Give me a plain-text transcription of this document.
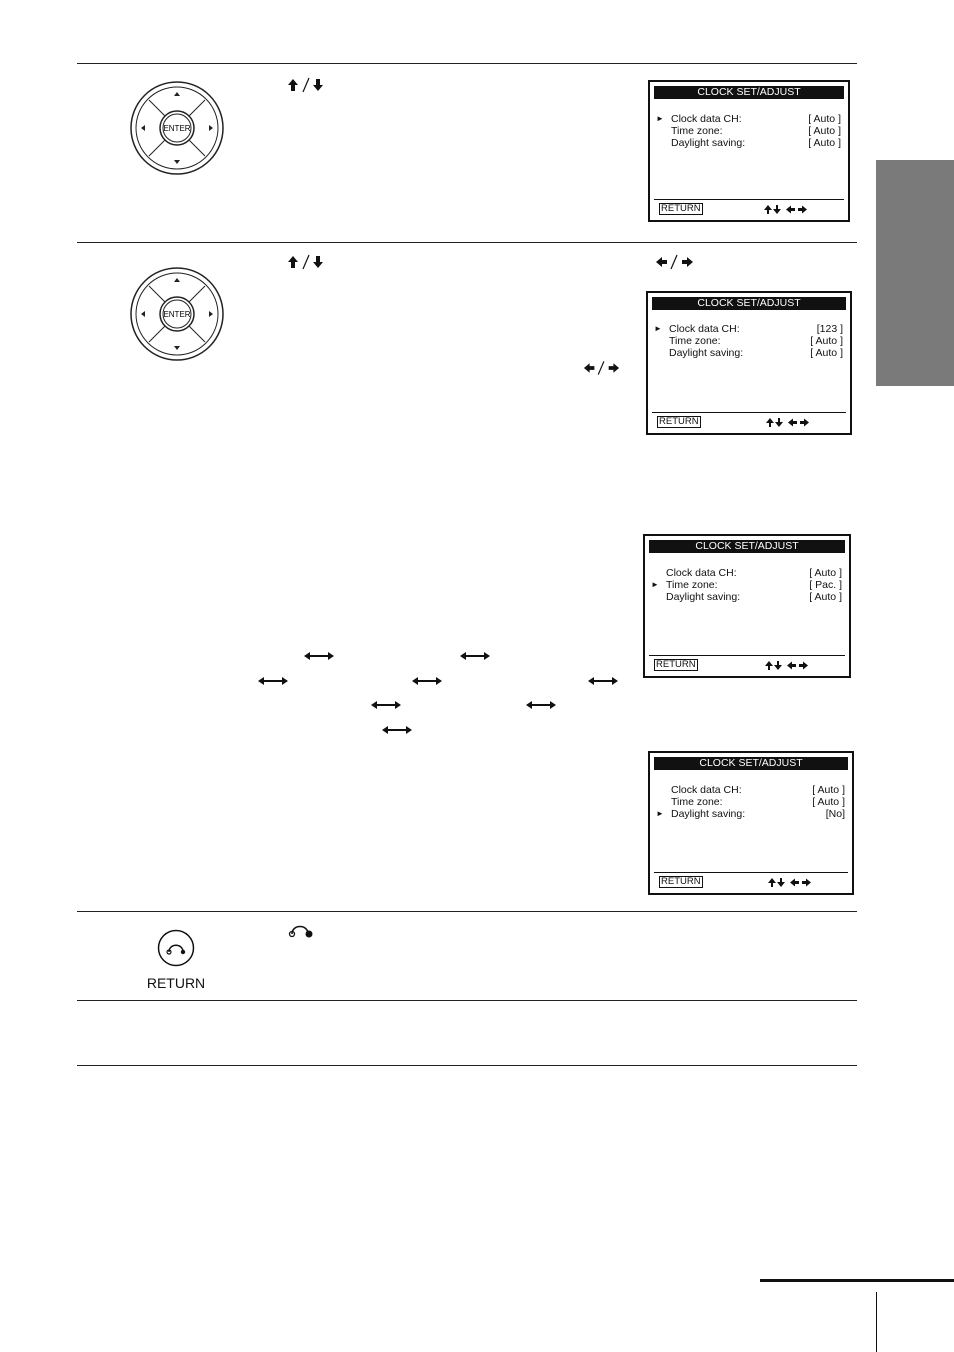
ENTER
CLOCK SET/ADJUST
► Clock data CH:	[ Auto ]
Time zone:	[ Auto ]
Daylight saving:	[ Auto ]
RETURN
ENTER
CLOCK SET/ADJUST
► Clock data CH:	[123 ]
Time zone:	[ Auto ]
Daylight saving:	[ Auto ]
RETURN
CLOCK SET/ADJUST
Clock data CH:	[ Auto ]
► Time zone:	[ Pac. ]
Daylight saving:	[ Auto ]
RETURN
CLOCK SET/ADJUST
Clock data CH:	[ Auto ]
Time zone:	[ Auto ]
► Daylight saving:	[No]
RETURN
RETURN
